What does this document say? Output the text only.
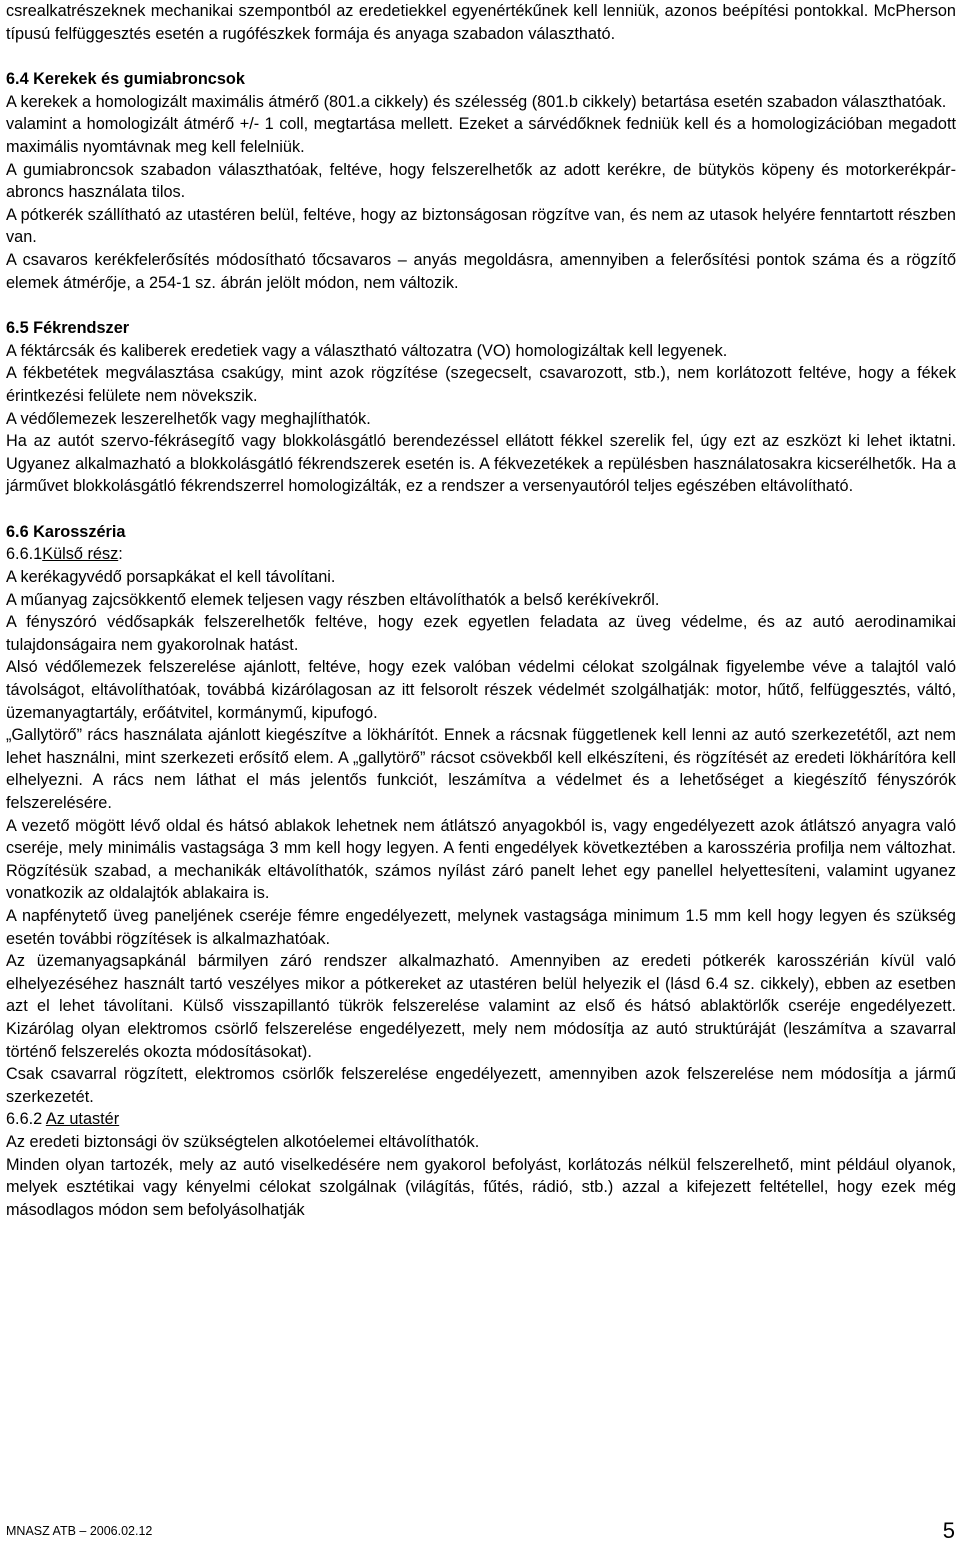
csrealkatrészeknek mechanikai szempontból az eredetiekkel egyenértékűnek kell lenniük, azonos beépítési pontokkal. McPherson típusú felfüggesztés esetén a rugófészkek formája és anyaga szabadon választható.

6.4 Kerekek és gumiabroncsok

A kerekek a homologizált maximális átmérő (801.a cikkely) és szélesség (801.b cikkely) betartása esetén szabadon választhatóak.

valamint a homologizált átmérő +/- 1 coll, megtartása mellett. Ezeket a sárvédőknek fedniük kell és a homologizációban megadott maximális nyomtávnak meg kell felelniük.

A gumiabroncsok szabadon választhatóak, feltéve, hogy felszerelhetők az adott kerékre, de bütykös köpeny és motorkerékpár-abroncs használata tilos.

A pótkerék szállítható az utastéren belül, feltéve, hogy az biztonságosan rögzítve van, és nem az utasok helyére fenntartott részben van.

A csavaros kerékfelerősítés módosítható tőcsavaros – anyás megoldásra, amennyiben a felerősítési pontok száma és a rögzítő elemek átmérője, a 254-1 sz. ábrán jelölt módon, nem változik.

6.5 Fékrendszer

A féktárcsák és kaliberek eredetiek vagy a választható változatra (VO) homologizáltak kell legyenek.

A fékbetétek megválasztása csakúgy, mint azok rögzítése (szegecselt, csavarozott, stb.), nem korlátozott feltéve, hogy a fékek érintkezési felülete nem növekszik.

A védőlemezek leszerelhetők vagy meghajlíthatók.

Ha az autót szervo-fékrásegítő vagy blokkolásgátló berendezéssel ellátott fékkel szerelik fel, úgy ezt az eszközt ki lehet iktatni. Ugyanez alkalmazható a blokkolásgátló fékrendszerek esetén is. A fékvezetékek a repülésben használatosakra kicserélhetők. Ha a járművet blokkolásgátló fékrendszerrel homologizálták, ez a rendszer a versenyautóról teljes egészében eltávolítható.

6.6 Karosszéria

6.6.1Külső rész:

A kerékagyvédő porsapkákat el kell távolítani.

A műanyag zajcsökkentő elemek teljesen vagy részben eltávolíthatók a belső kerékívekről.

A fényszóró védősapkák felszerelhetők feltéve, hogy ezek egyetlen feladata az üveg védelme, és az autó aerodinamikai tulajdonságaira nem gyakorolnak hatást.

Alsó védőlemezek felszerelése ajánlott, feltéve, hogy ezek valóban védelmi célokat szolgálnak figyelembe véve a talajtól való távolságot, eltávolíthatóak, továbbá kizárólagosan az itt felsorolt részek védelmét szolgálhatják: motor, hűtő, felfüggesztés, váltó, üzemanyagtartály, erőátvitel, kormánymű, kipufogó.

„Gallytörő” rács használata ajánlott kiegészítve a lökhárítót. Ennek a rácsnak függetlenek kell lenni az autó szerkezetétől, azt nem lehet használni, mint szerkezeti erősítő elem. A „gallytörő” rácsot csövekből kell elkészíteni, és rögzítését az eredeti lökhárítóra kell elhelyezni. A rács nem láthat el más jelentős funkciót, leszámítva a védelmet és a lehetőséget a kiegészítő fényszórók felszerelésére.

A vezető mögött lévő oldal és hátsó ablakok lehetnek nem átlátszó anyagokból is, vagy engedélyezett azok átlátszó anyagra való cseréje, mely minimális vastagsága 3 mm kell hogy legyen. A fenti engedélyek következtében a karosszéria profilja nem változhat. Rögzítésük szabad, a mechanikák eltávolíthatók, számos nyílást záró panelt lehet egy panellel helyettesíteni, valamint ugyanez vonatkozik az oldalajtók ablakaira is.

A napfénytető üveg paneljének cseréje fémre engedélyezett, melynek vastagsága minimum 1.5 mm kell hogy legyen és szükség esetén további rögzítések is alkalmazhatóak.

Az üzemanyagsapkánál bármilyen záró rendszer alkalmazható. Amennyiben az eredeti pótkerék karosszérián kívül való elhelyezéséhez használt tartó veszélyes mikor a pótkereket az utastéren belül helyezik el (lásd 6.4 sz. cikkely), ebben az esetben azt el lehet távolítani. Külső visszapillantó tükrök felszerelése valamint az első és hátsó ablaktörlők cseréje engedélyezett. Kizárólag olyan elektromos csörlő felszerelése engedélyezett, mely nem módosítja az autó struktúráját (leszámítva a szavarral történő felszerelés okozta módosításokat).

Csak csavarral rögzített, elektromos csörlők felszerelése engedélyezett, amennyiben azok felszerelése nem módosítja a jármű szerkezetét.

6.6.2 Az utastér

Az eredeti biztonsági öv szükségtelen alkotóelemei eltávolíthatók.

Minden olyan tartozék, mely az autó viselkedésére nem gyakorol befolyást, korlátozás nélkül felszerelhető, mint például olyanok, melyek esztétikai vagy kényelmi célokat szolgálnak (világítás, fűtés, rádió, stb.) azzal a kifejezett feltétellel, hogy ezek még másodlagos módon sem befolyásolhatják

MNASZ ATB – 2006.02.12	5
